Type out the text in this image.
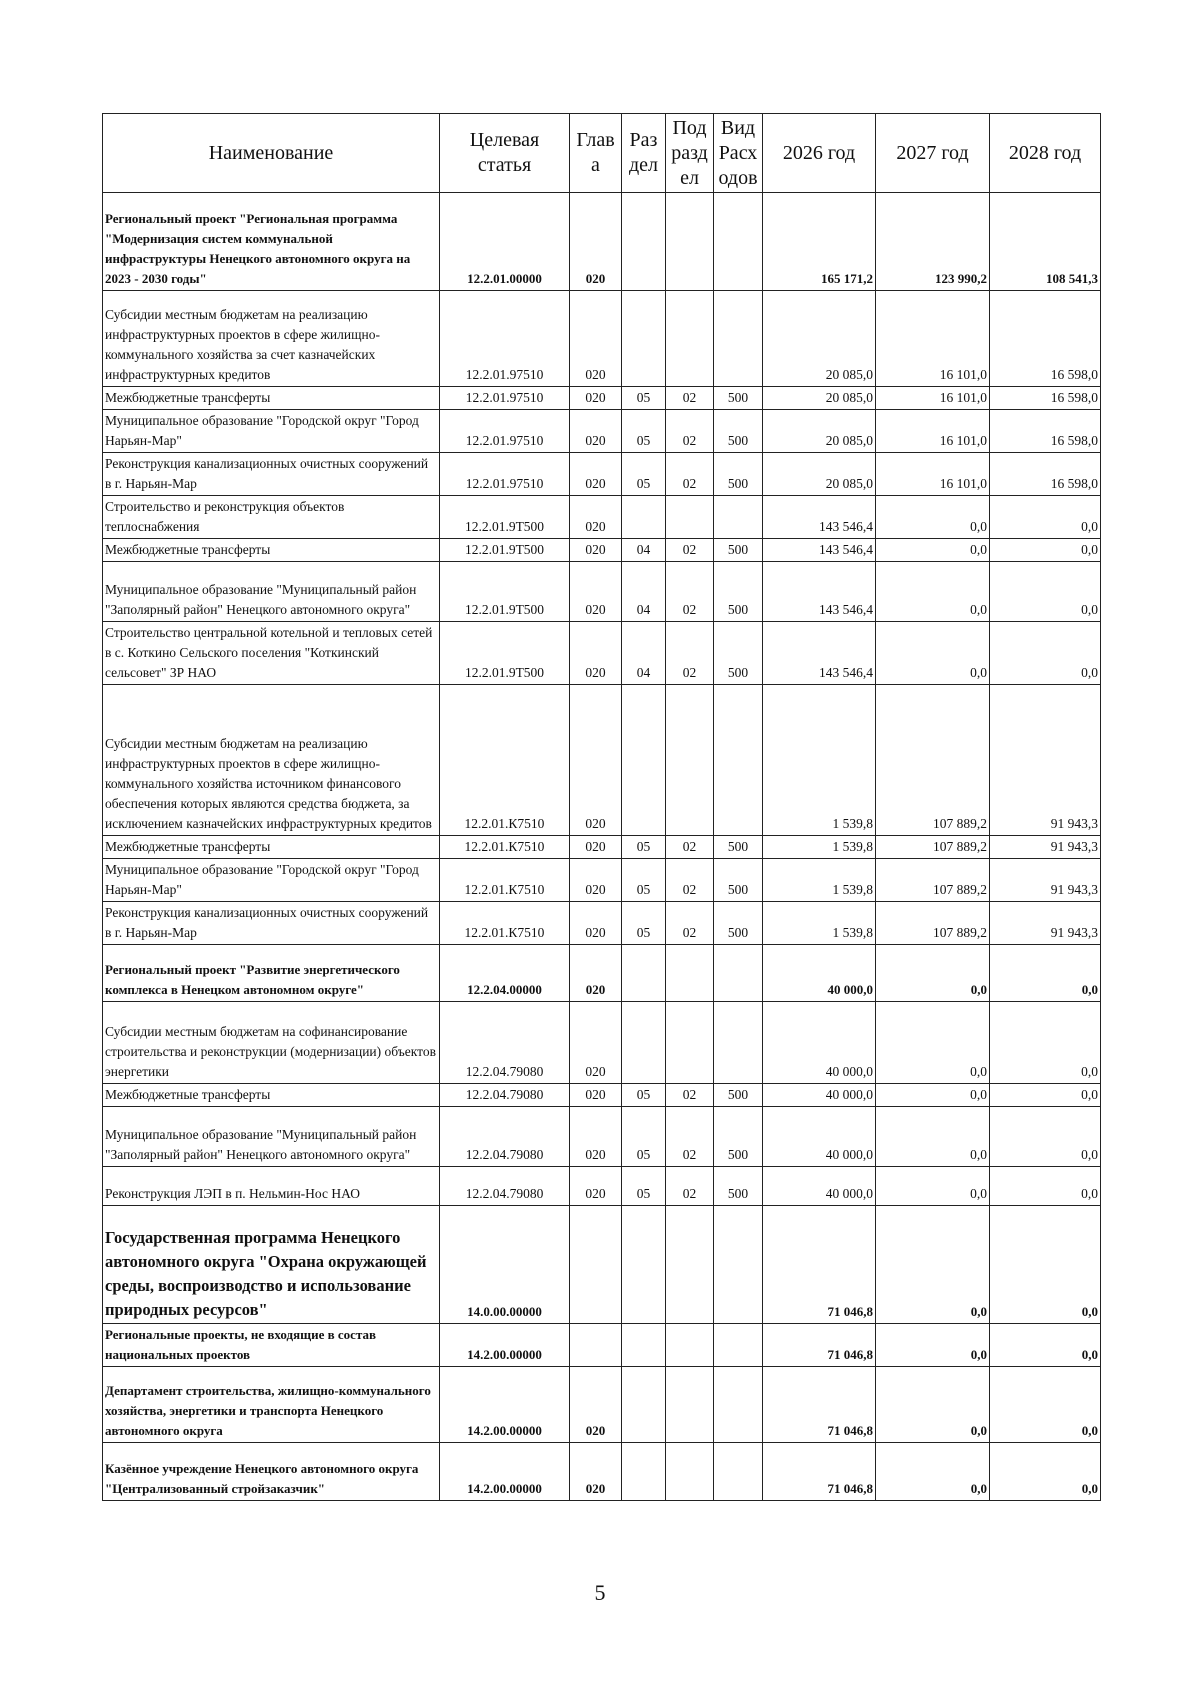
Наименование	Целевая статья	Глав а	Раз дел	Под разд ел	Вид Расх одов	2026 год	2027 год	2028 год
Региональный проект "Региональная программа "Модернизация систем коммунальной инфраструктуры Ненецкого автономного округа на 2023 - 2030 годы"	12.2.01.00000	020				165 171,2	123 990,2	108 541,3
Субсидии местным бюджетам на реализацию инфраструктурных проектов в сфере жилищно-коммунального хозяйства за счет казначейских инфраструктурных кредитов	12.2.01.97510	020				20 085,0	16 101,0	16 598,0
Межбюджетные трансферты	12.2.01.97510	020	05	02	500	20 085,0	16 101,0	16 598,0
Муниципальное образование "Городской округ "Город Нарьян-Мар"	12.2.01.97510	020	05	02	500	20 085,0	16 101,0	16 598,0
Реконструкция канализационных очистных сооружений в г. Нарьян-Мар	12.2.01.97510	020	05	02	500	20 085,0	16 101,0	16 598,0
Строительство и реконструкция объектов теплоснабжения	12.2.01.9Т500	020				143 546,4	0,0	0,0
Межбюджетные трансферты	12.2.01.9Т500	020	04	02	500	143 546,4	0,0	0,0
Муниципальное образование "Муниципальный район "Заполярный район" Ненецкого автономного округа"	12.2.01.9Т500	020	04	02	500	143 546,4	0,0	0,0
Строительство центральной котельной и тепловых сетей в с. Коткино Сельского поселения "Коткинский сельсовет" ЗР НАО	12.2.01.9Т500	020	04	02	500	143 546,4	0,0	0,0
Субсидии местным бюджетам на реализацию инфраструктурных проектов в сфере жилищно-коммунального хозяйства источником финансового обеспечения которых являются средства бюджета, за исключением казначейских инфраструктурных кредитов	12.2.01.К7510	020				1 539,8	107 889,2	91 943,3
Межбюджетные трансферты	12.2.01.К7510	020	05	02	500	1 539,8	107 889,2	91 943,3
Муниципальное образование "Городской округ "Город Нарьян-Мар"	12.2.01.К7510	020	05	02	500	1 539,8	107 889,2	91 943,3
Реконструкция канализационных очистных сооружений в г. Нарьян-Мар	12.2.01.К7510	020	05	02	500	1 539,8	107 889,2	91 943,3
Региональный проект "Развитие энергетического комплекса в Ненецком автономном округе"	12.2.04.00000	020				40 000,0	0,0	0,0
Субсидии местным бюджетам на софинансирование строительства и реконструкции (модернизации) объектов энергетики	12.2.04.79080	020				40 000,0	0,0	0,0
Межбюджетные трансферты	12.2.04.79080	020	05	02	500	40 000,0	0,0	0,0
Муниципальное образование "Муниципальный район "Заполярный район" Ненецкого автономного округа"	12.2.04.79080	020	05	02	500	40 000,0	0,0	0,0
Реконструкция ЛЭП в п. Нельмин-Нос НАО	12.2.04.79080	020	05	02	500	40 000,0	0,0	0,0
Государственная программа Ненецкого автономного округа "Охрана окружающей среды, воспроизводство и использование природных ресурсов"	14.0.00.00000					71 046,8	0,0	0,0
Региональные проекты, не входящие в состав национальных проектов	14.2.00.00000					71 046,8	0,0	0,0
Департамент строительства, жилищно-коммунального хозяйства, энергетики и транспорта Ненецкого автономного округа	14.2.00.00000	020				71 046,8	0,0	0,0
Казённое учреждение Ненецкого автономного округа "Централизованный стройзаказчик"	14.2.00.00000	020				71 046,8	0,0	0,0
5
